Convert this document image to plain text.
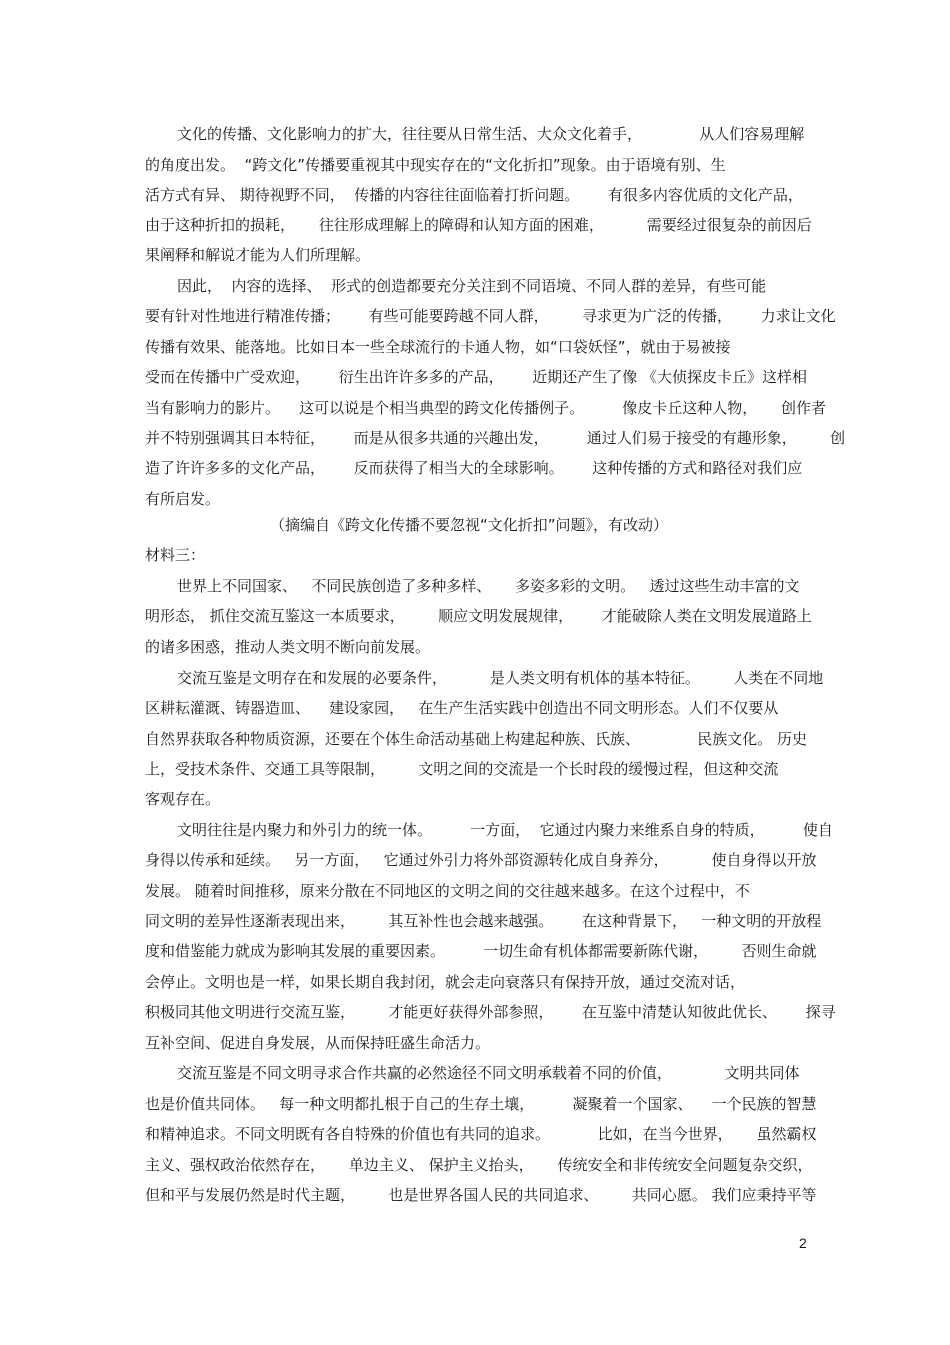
文化的传播、文化影响力的扩大，往往要从日常生活、大众文化着手，            从人们容易理解
的角度出发。  “跨文化”传播要重视其中现实存在的“文化折扣”现象。由于语境有别、生
活方式有异、 期待视野不同，  传播的内容往往面临着打折问题。      有很多内容优质的文化产品，
由于这种折扣的损耗，     往往形成理解上的障碍和认知方面的困难，         需要经过很复杂的前因后
果阐释和解说才能为人们所理解。
因此，  内容的选择、  形式的创造都要充分关注到不同语境、不同人群的差异，有些可能
要有针对性地进行精准传播；      有些可能要跨越不同人群，       寻求更为广泛的传播，      力求让文化
传播有效果、能落地。比如日本一些全球流行的卡通人物，如“口袋妖怪”，就由于易被接
受而在传播中广受欢迎，      衍生出许许多多的产品，      近期还产生了像 《大侦探皮卡丘》这样相
当有影响力的影片。    这可以说是个相当典型的跨文化传播例子。        像皮卡丘这种人物，     创作者
并不特别强调其日本特征，      而是从很多共通的兴趣出发，        通过人们易于接受的有趣形象，       创
造了许许多多的文化产品，      反而获得了相当大的全球影响。      这种传播的方式和路径对我们应
有所启发。
（摘编自《跨文化传播不要忽视“文化折扣”问题》，有改动）
材料三：
世界上不同国家、   不同民族创造了多种多样、     多姿多彩的文明。   透过这些生动丰富的文
明形态， 抓住交流互鉴这一本质要求，       顺应文明发展规律，      才能破除人类在文明发展道路上
的诸多困惑，推动人类文明不断向前发展。
交流互鉴是文明存在和发展的必要条件，         是人类文明有机体的基本特征。       人类在不同地
区耕耘灌溉、铸器造皿、    建设家园，   在生产生活实践中创造出不同文明形态。人们不仅要从
自然界获取各种物质资源，还要在个体生命活动基础上构建起种族、氏族、            民族文化。 历史
上，受技术条件、交通工具等限制，       文明之间的交流是一个长时段的缓慢过程，但这种交流
客观存在。
文明往往是内聚力和外引力的统一体。        一方面，  它通过内聚力来维系自身的特质，        使自
身得以传承和延续。   另一方面，   它通过外引力将外部资源转化成自身养分，         使自身得以开放
发展。 随着时间推移，原来分散在不同地区的文明之间的交往越来越多。在这个过程中，不
同文明的差异性逐渐表现出来，       其互补性也会越来越强。      在这种背景下，   一种文明的开放程
度和借鉴能力就成为影响其发展的重要因素。        一切生命有机体都需要新陈代谢，       否则生命就
会停止。文明也是一样，如果长期自我封闭，就会走向衰落只有保持开放，通过交流对话，
积极同其他文明进行交流互鉴，       才能更好获得外部参照，      在互鉴中清楚认知彼此优长、      探寻
互补空间、促进自身发展，从而保持旺盛生命活力。
交流互鉴是不同文明寻求合作共赢的必然途径不同文明承载着不同的价值，           文明共同体
也是价值共同体。   每一种文明都扎根于自己的生存土壤，        凝聚着一个国家、    一个民族的智慧
和精神追求。不同文明既有各自特殊的价值也有共同的追求。          比如，在当今世界，     虽然霸权
主义、强权政治依然存在，     单边主义、 保护主义抬头，     传统安全和非传统安全问题复杂交织，
但和平与发展仍然是时代主题，       也是世界各国人民的共同追求、       共同心愿。 我们应秉持平等
2
